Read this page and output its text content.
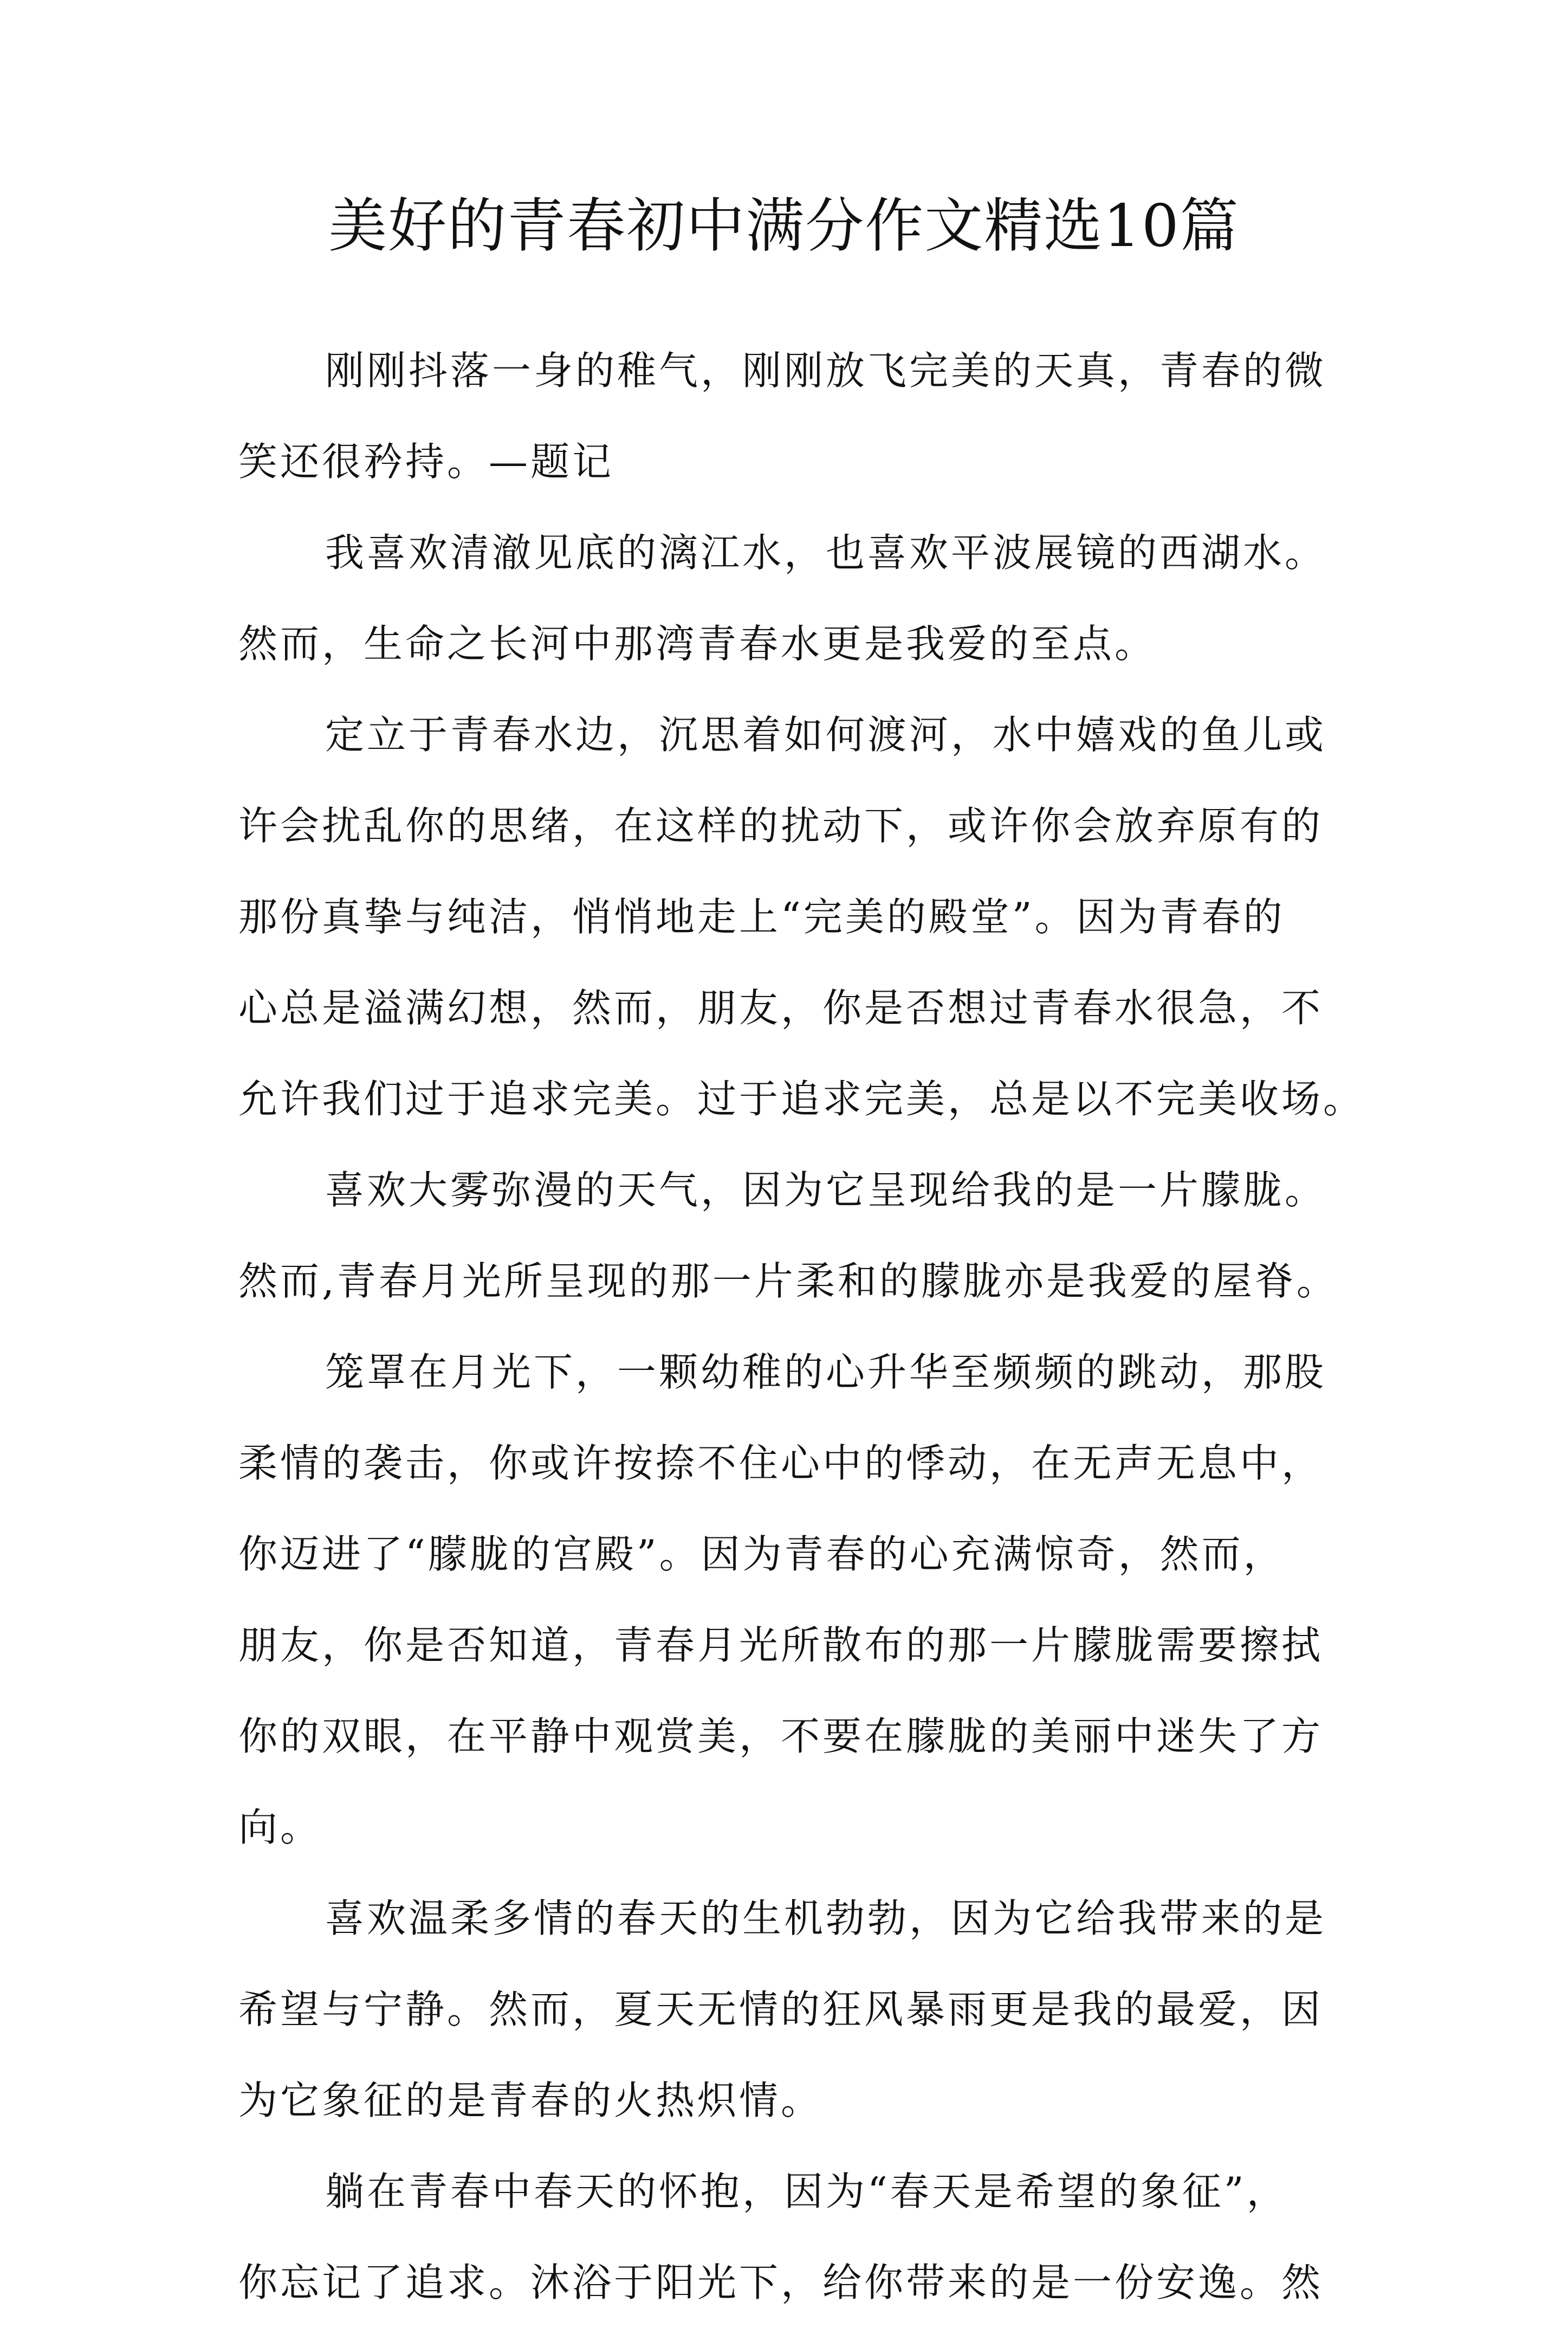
美好的青春初中满分作文精选10篇
刚刚抖落一身的稚气，刚刚放飞完美的天真，青春的微
笑还很矜持。—题记
我喜欢清澈见底的漓江水，也喜欢平波展镜的西湖水。
然而，生命之长河中那湾青春水更是我爱的至点。
定立于青春水边，沉思着如何渡河，水中嬉戏的鱼儿或
许会扰乱你的思绪，在这样的扰动下，或许你会放弃原有的
那份真挚与纯洁，悄悄地走上“完美的殿堂”。因为青春的
心总是溢满幻想，然而，朋友，你是否想过青春水很急，不
允许我们过于追求完美。过于追求完美，总是以不完美收场。
喜欢大雾弥漫的天气，因为它呈现给我的是一片朦胧。
然而,青春月光所呈现的那一片柔和的朦胧亦是我爱的屋脊。
笼罩在月光下，一颗幼稚的心升华至频频的跳动，那股
柔情的袭击，你或许按捺不住心中的悸动，在无声无息中，
你迈进了“朦胧的宫殿”。因为青春的心充满惊奇，然而，
朋友，你是否知道，青春月光所散布的那一片朦胧需要擦拭
你的双眼，在平静中观赏美，不要在朦胧的美丽中迷失了方
向。
喜欢温柔多情的春天的生机勃勃，因为它给我带来的是
希望与宁静。然而，夏天无情的狂风暴雨更是我的最爱，因
为它象征的是青春的火热炽情。
躺在青春中春天的怀抱，因为“春天是希望的象征”，
你忘记了追求。沐浴于阳光下，给你带来的是一份安逸。然
